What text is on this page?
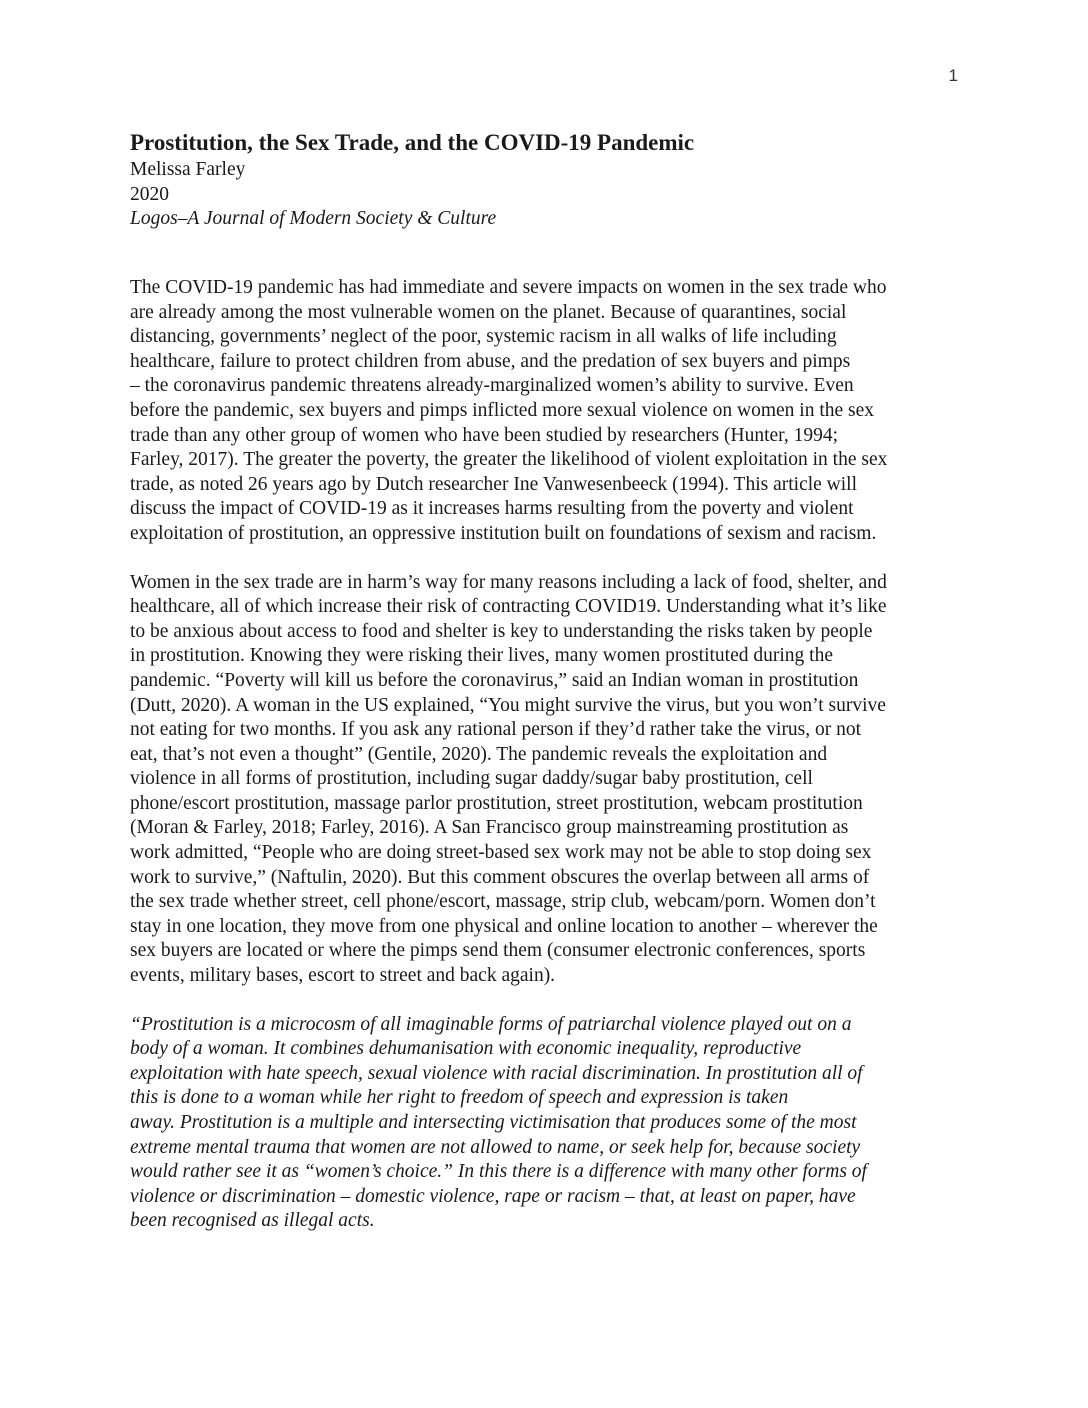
1
Prostitution, the Sex Trade, and the COVID-19 Pandemic

Melissa Farley

2020

Logos–A Journal of Modern Society & Culture

The COVID-19 pandemic has had immediate and severe impacts on women in the sex trade who
are already among the most vulnerable women on the planet. Because of quarantines, social
distancing, governments’ neglect of the poor, systemic racism in all walks of life including
healthcare, failure to protect children from abuse, and the predation of sex buyers and pimps
– the coronavirus pandemic threatens already-marginalized women’s ability to survive. Even
before the pandemic, sex buyers and pimps inflicted more sexual violence on women in the sex
trade than any other group of women who have been studied by researchers (Hunter, 1994;
Farley, 2017). The greater the poverty, the greater the likelihood of violent exploitation in the sex
trade, as noted 26 years ago by Dutch researcher Ine Vanwesenbeeck (1994). This article will
discuss the impact of COVID-19 as it increases harms resulting from the poverty and violent
exploitation of prostitution, an oppressive institution built on foundations of sexism and racism.

Women in the sex trade are in harm’s way for many reasons including a lack of food, shelter, and
healthcare, all of which increase their risk of contracting COVID19. Understanding what it’s like
to be anxious about access to food and shelter is key to understanding the risks taken by people
in prostitution. Knowing they were risking their lives, many women prostituted during the
pandemic. “Poverty will kill us before the coronavirus,” said an Indian woman in prostitution
(Dutt, 2020). A woman in the US explained, “You might survive the virus, but you won’t survive
not eating for two months. If you ask any rational person if they’d rather take the virus, or not
eat, that’s not even a thought” (Gentile, 2020). The pandemic reveals the exploitation and
violence in all forms of prostitution, including sugar daddy/sugar baby prostitution, cell
phone/escort prostitution, massage parlor prostitution, street prostitution, webcam prostitution
(Moran & Farley, 2018; Farley, 2016). A San Francisco group mainstreaming prostitution as
work admitted, “People who are doing street-based sex work may not be able to stop doing sex
work to survive,” (Naftulin, 2020). But this comment obscures the overlap between all arms of
the sex trade whether street, cell phone/escort, massage, strip club, webcam/porn. Women don’t
stay in one location, they move from one physical and online location to another – wherever the
sex buyers are located or where the pimps send them (consumer electronic conferences, sports
events, military bases, escort to street and back again).

“Prostitution is a microcosm of all imaginable forms of patriarchal violence played out on a
body of a woman. It combines dehumanisation with economic inequality, reproductive
exploitation with hate speech, sexual violence with racial discrimination. In prostitution all of
this is done to a woman while her right to freedom of speech and expression is taken
away. Prostitution is a multiple and intersecting victimisation that produces some of the most
extreme mental trauma that women are not allowed to name, or seek help for, because society
would rather see it as “women’s choice.” In this there is a difference with many other forms of
violence or discrimination – domestic violence, rape or racism – that, at least on paper, have
been recognised as illegal acts.
